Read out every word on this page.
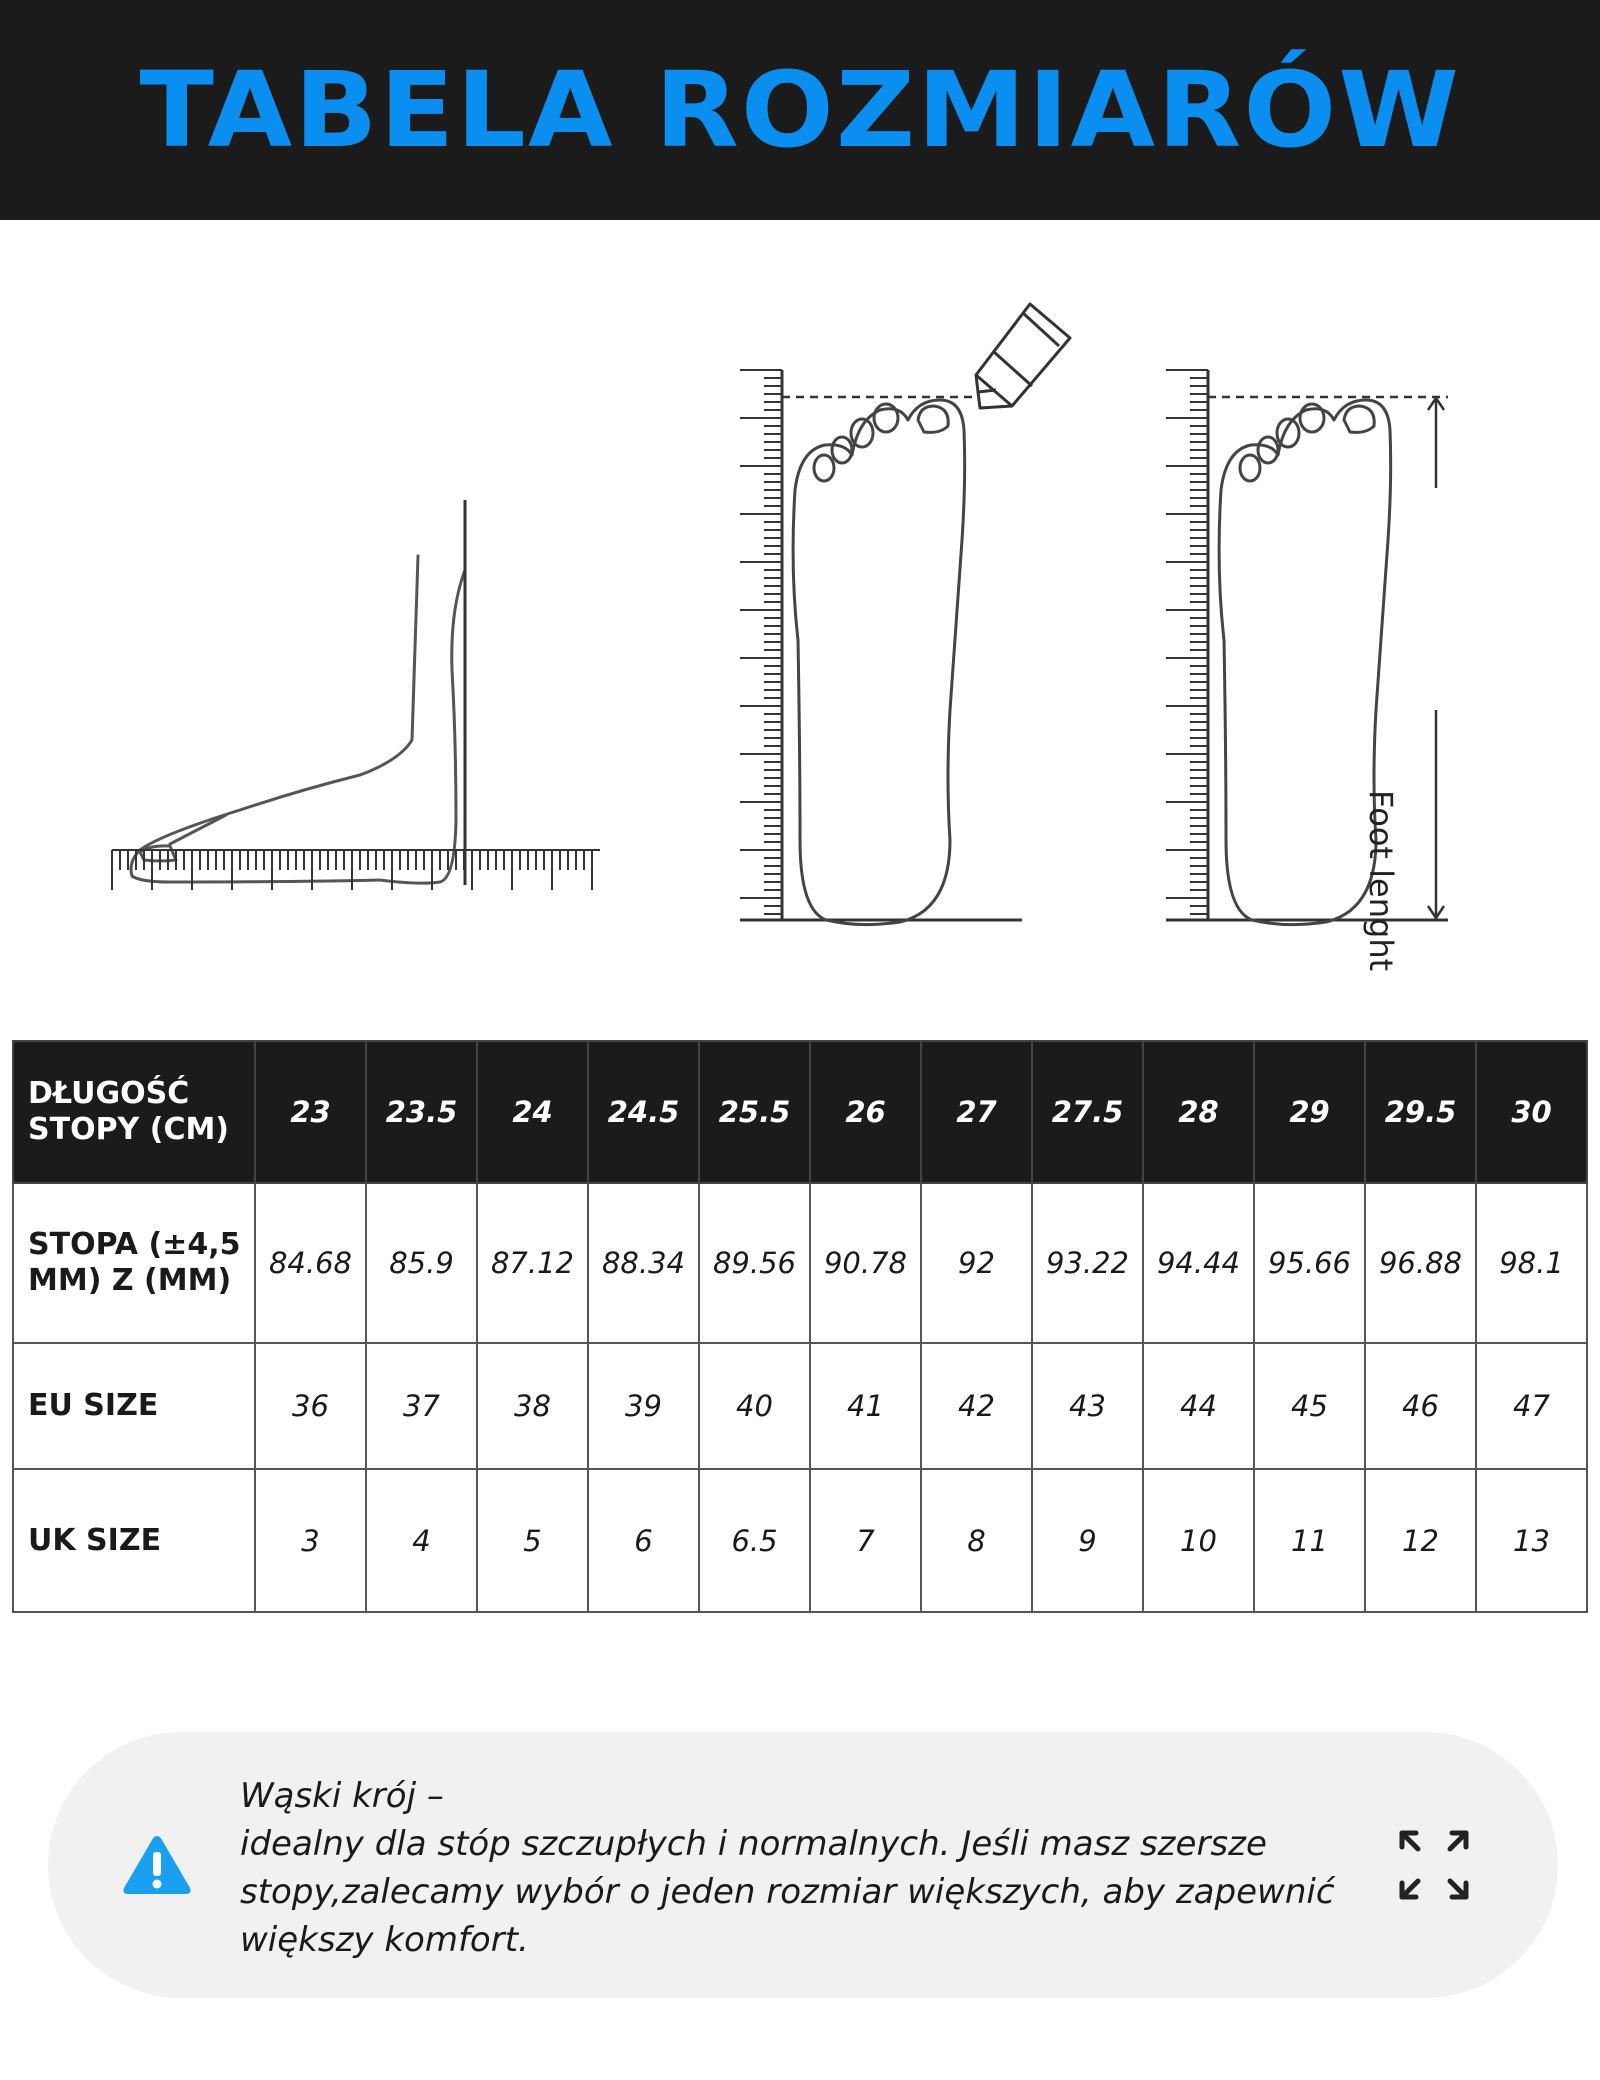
TABELA ROZMIARÓW
Foot lenght
DŁUGOŚĆ STOPY (CM)	23	23.5	24	24.5	25.5	26	27	27.5	28	29	29.5	30
STOPA (±4,5 MM) Z (MM)	84.68	85.9	87.12	88.34	89.56	90.78	92	93.22	94.44	95.66	96.88	98.1
EU SIZE	36	37	38	39	40	41	42	43	44	45	46	47
UK SIZE	3	4	5	6	6.5	7	8	9	10	11	12	13
Wąski krój –
idealny dla stóp szczupłych i normalnych. Jeśli masz szersze stopy,zalecamy wybór o jeden rozmiar większych, aby zapewnić większy komfort.
